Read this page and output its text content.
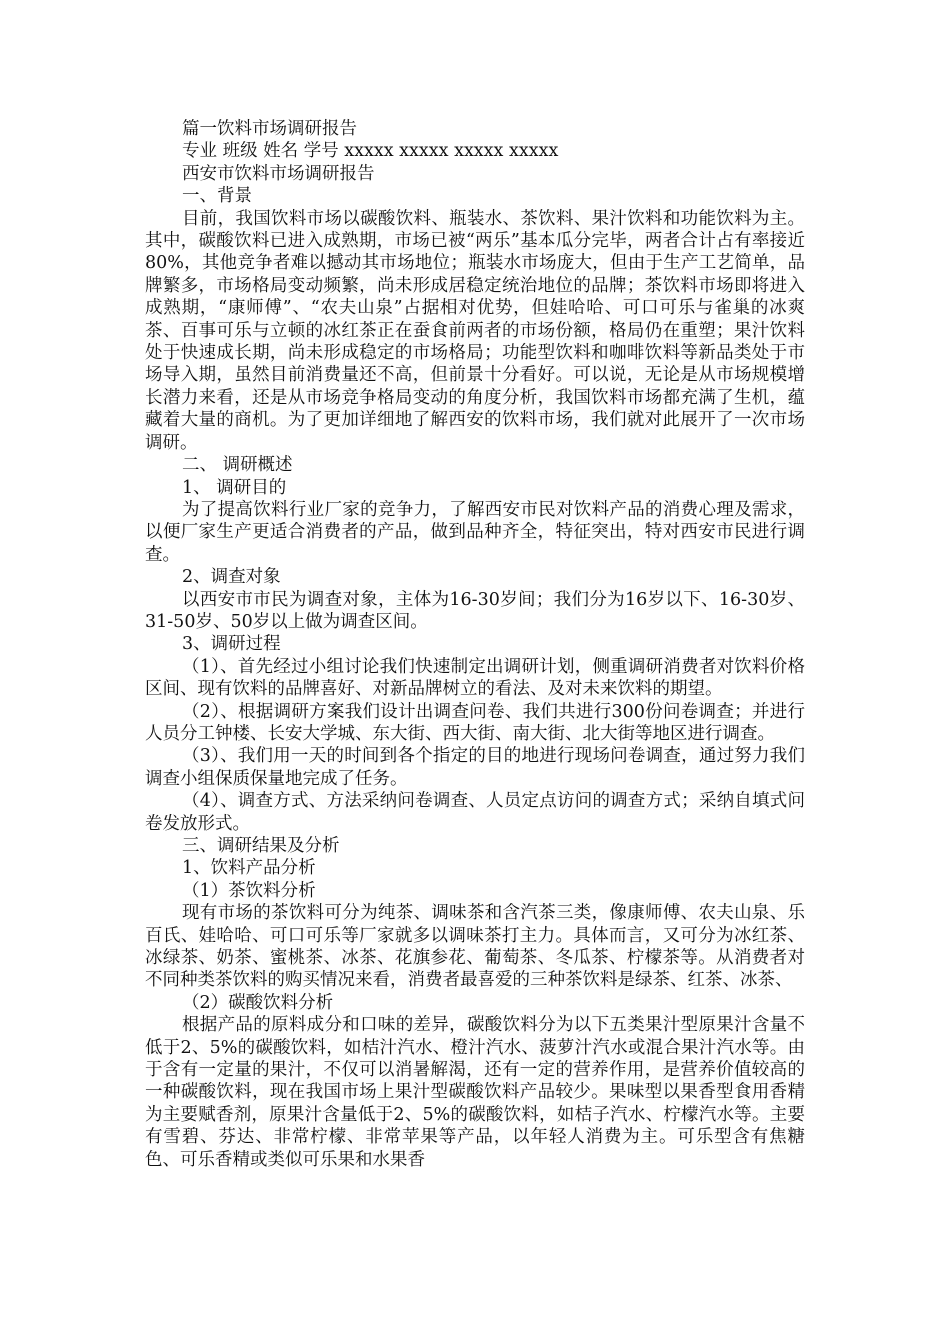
篇一饮料市场调研报告
专业 班级 姓名 学号 xxxxx xxxxx xxxxx xxxxx
西安市饮料市场调研报告
一、背景

目前，我国饮料市场以碳酸饮料、瓶装水、茶饮料、果汁饮料和功能饮料为主。其中，碳酸饮料已进入成熟期，市场已被“两乐”基本瓜分完毕，两者合计占有率接近80%，其他竞争者难以撼动其市场地位；瓶装水市场庞大，但由于生产工艺简单，品牌繁多，市场格局变动频繁，尚未形成居稳定统治地位的品牌；茶饮料市场即将进入成熟期，“康师傅”、“农夫山泉”占据相对优势，但娃哈哈、可口可乐与雀巢的冰爽茶、百事可乐与立顿的冰红茶正在蚕食前两者的市场份额，格局仍在重塑；果汁饮料处于快速成长期，尚未形成稳定的市场格局；功能型饮料和咖啡饮料等新品类处于市场导入期，虽然目前消费量还不高，但前景十分看好。可以说，无论是从市场规模增长潜力来看，还是从市场竞争格局变动的角度分析，我国饮料市场都充满了生机，蕴藏着大量的商机。为了更加详细地了解西安的饮料市场，我们就对此展开了一次市场调研。

二、 调研概述
1、 调研目的

为了提高饮料行业厂家的竞争力，了解西安市民对饮料产品的消费心理及需求，以便厂家生产更适合消费者的产品，做到品种齐全，特征突出，特对西安市民进行调查。

2、调查对象

以西安市市民为调查对象，主体为16-30岁间；我们分为16岁以下、16-30岁、31-50岁、50岁以上做为调查区间。

3、调研过程

（1）、首先经过小组讨论我们快速制定出调研计划，侧重调研消费者对饮料价格区间、现有饮料的品牌喜好、对新品牌树立的看法、及对未来饮料的期望。

（2）、根据调研方案我们设计出调查问卷、我们共进行300份问卷调查；并进行人员分工钟楼、长安大学城、东大街、西大街、南大街、北大街等地区进行调查。

（3）、我们用一天的时间到各个指定的目的地进行现场问卷调查，通过努力我们调查小组保质保量地完成了任务。

（4）、调查方式、方法采纳问卷调查、人员定点访问的调查方式；采纳自填式问卷发放形式。

三、调研结果及分析
1、饮料产品分析
（1）茶饮料分析

现有市场的茶饮料可分为纯茶、调味茶和含汽茶三类，像康师傅、农夫山泉、乐百氏、娃哈哈、可口可乐等厂家就多以调味茶打主力。具体而言，又可分为冰红茶、冰绿茶、奶茶、蜜桃茶、冰茶、花旗参花、葡萄茶、冬瓜茶、柠檬茶等。从消费者对不同种类茶饮料的购买情况来看，消费者最喜爱的三种茶饮料是绿茶、红茶、冰茶、

（2）碳酸饮料分析

根据产品的原料成分和口味的差异，碳酸饮料分为以下五类果汁型原果汁含量不低于2、5%的碳酸饮料，如桔汁汽水、橙汁汽水、菠萝汁汽水或混合果汁汽水等。由于含有一定量的果汁，不仅可以消暑解渴，还有一定的营养作用，是营养价值较高的一种碳酸饮料，现在我国市场上果汁型碳酸饮料产品较少。果味型以果香型食用香精为主要赋香剂，原果汁含量低于2、5%的碳酸饮料，如桔子汽水、柠檬汽水等。主要有雪碧、芬达、非常柠檬、非常苹果等产品，以年轻人消费为主。可乐型含有焦糖色、可乐香精或类似可乐果和水果香
